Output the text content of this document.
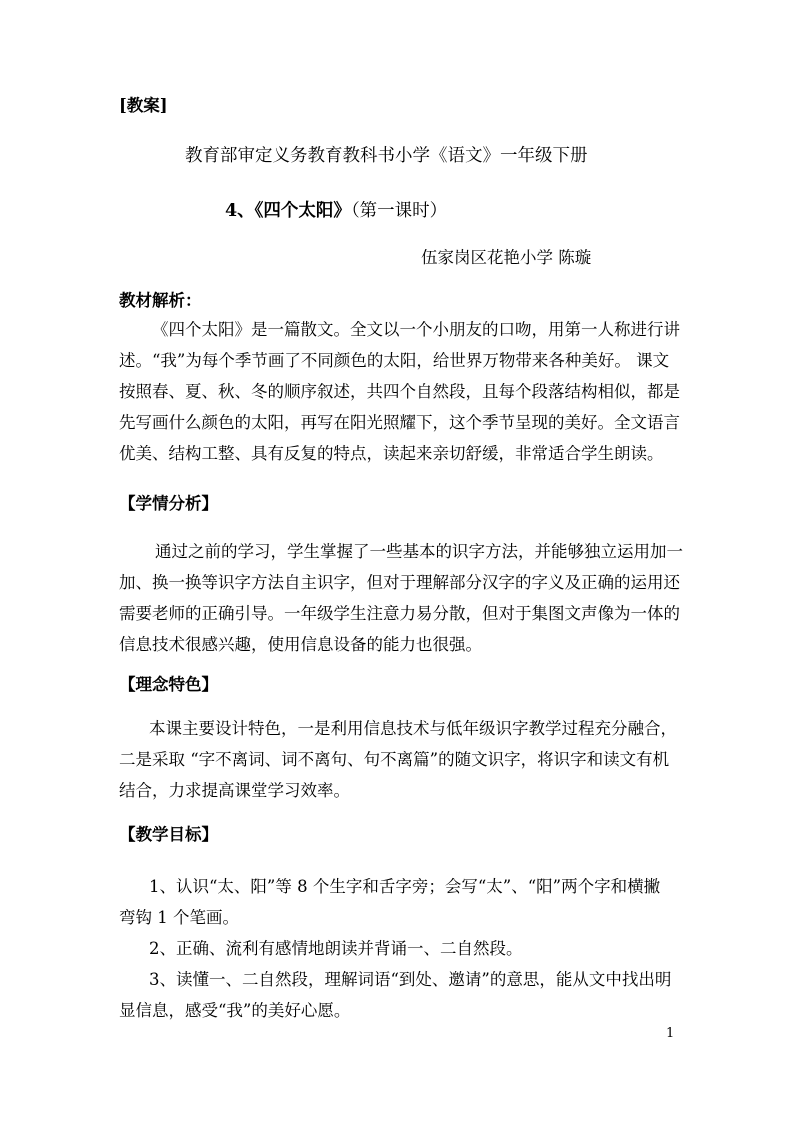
[教案]
教育部审定义务教育教科书小学《语文》一年级下册
4、《四个太阳》（第一课时）
伍家岗区花艳小学 陈璇
教材解析：

《四个太阳》是一篇散文。全文以一个小朋友的口吻，用第一人称进行讲

述。“我”为每个季节画了不同颜色的太阳，给世界万物带来各种美好。 课文

按照春、夏、秋、冬的顺序叙述，共四个自然段，且每个段落结构相似，都是

先写画什么颜色的太阳，再写在阳光照耀下，这个季节呈现的美好。全文语言

优美、结构工整、具有反复的特点，读起来亲切舒缓，非常适合学生朗读。

【学情分析】

通过之前的学习，学生掌握了一些基本的识字方法，并能够独立运用加一

加、换一换等识字方法自主识字，但对于理解部分汉字的字义及正确的运用还

需要老师的正确引导。一年级学生注意力易分散，但对于集图文声像为一体的

信息技术很感兴趣，使用信息设备的能力也很强。

【理念特色】

本课主要设计特色，一是利用信息技术与低年级识字教学过程充分融合，

二是采取 “字不离词、词不离句、句不离篇”的随文识字，将识字和读文有机

结合，力求提高课堂学习效率。

【教学目标】

1、认识“太、阳”等 8 个生字和舌字旁；会写“太”、“阳”两个字和横撇

弯钩 1 个笔画。

2、正确、流利有感情地朗读并背诵一、二自然段。

3、读懂一、二自然段，理解词语“到处、邀请”的意思，能从文中找出明

显信息，感受“我”的美好心愿。

1
